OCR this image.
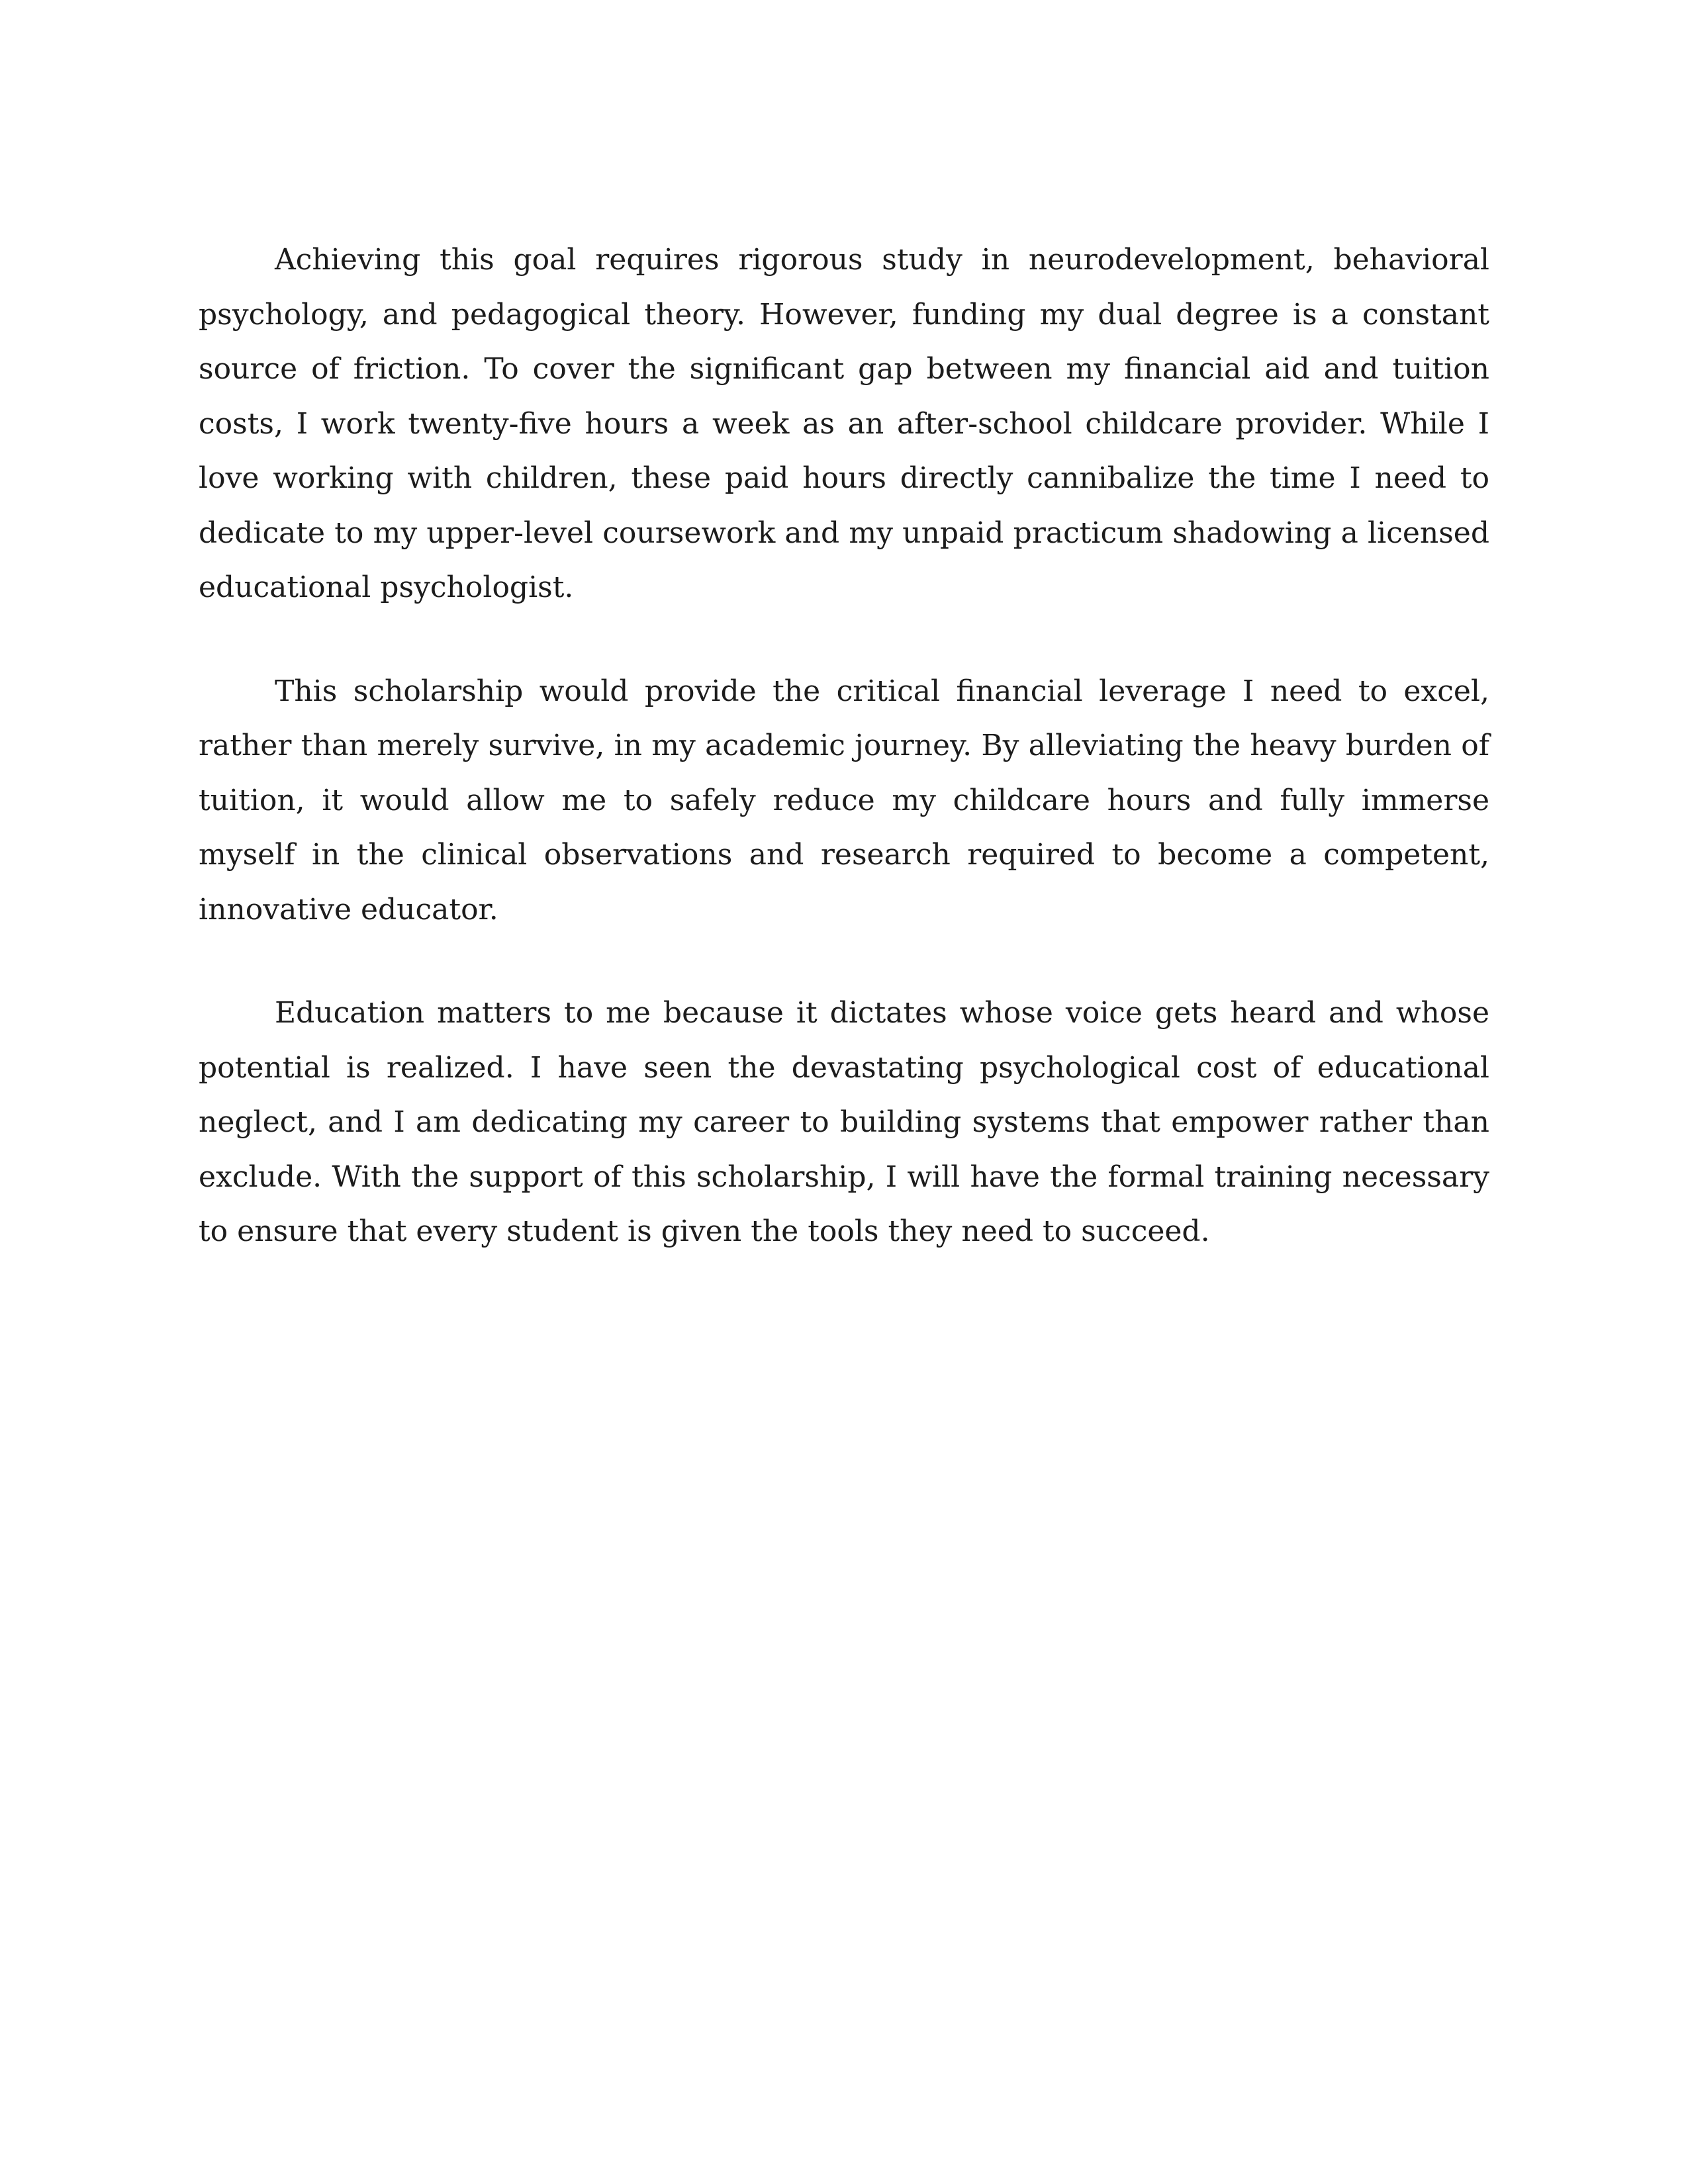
Achieving this goal requires rigorous study in neurodevelopment, behavioral psychology, and pedagogical theory. However, funding my dual degree is a constant source of friction. To cover the significant gap between my financial aid and tuition costs, I work twenty-five hours a week as an after-school childcare provider. While I love working with children, these paid hours directly cannibalize the time I need to dedicate to my upper-level coursework and my unpaid practicum shadowing a licensed educational psychologist.

This scholarship would provide the critical financial leverage I need to excel, rather than merely survive, in my academic journey. By alleviating the heavy burden of tuition, it would allow me to safely reduce my childcare hours and fully immerse myself in the clinical observations and research required to become a competent, innovative educator.

Education matters to me because it dictates whose voice gets heard and whose potential is realized. I have seen the devastating psychological cost of educational neglect, and I am dedicating my career to building systems that empower rather than exclude. With the support of this scholarship, I will have the formal training necessary to ensure that every student is given the tools they need to succeed.
